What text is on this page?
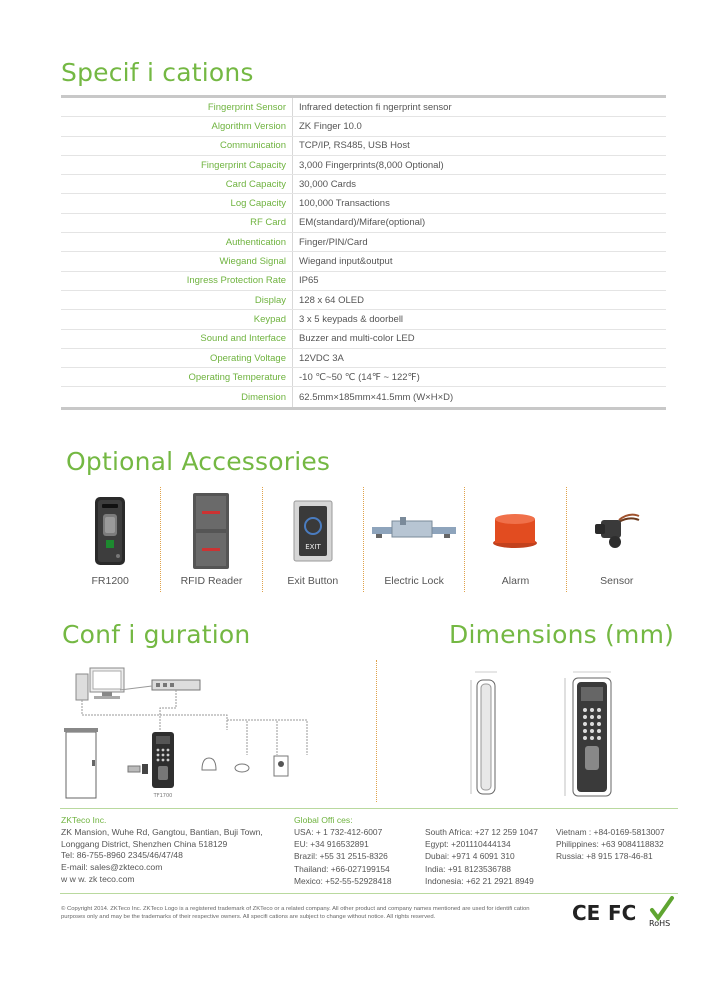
Specif i cations
Fingerprint Sensor	Infrared detection fi ngerprint sensor
Algorithm Version	ZK Finger 10.0
Communication	TCP/IP, RS485, USB Host
Fingerprint Capacity	3,000 Fingerprints(8,000 Optional)
Card Capacity	30,000 Cards
Log Capacity	100,000 Transactions
RF Card	EM(standard)/Mifare(optional)
Authentication	Finger/PIN/Card
Wiegand Signal	Wiegand input&output
Ingress Protection Rate	IP65
Display	128 x 64 OLED
Keypad	3 x 5 keypads & doorbell
Sound and Interface	Buzzer and multi-color LED
Operating Voltage	12VDC 3A
Operating Temperature	-10 ℃~50 ℃ (14℉ ~ 122℉)
Dimension	62.5mm×185mm×41.5mm (W×H×D)
Optional Accessories
FR1200	RFID Reader
EXIT
Exit Button	Electric Lock	Alarm	Sensor
Conf i guration	Dimensions (mm)
TF1700
ZKTeco Inc.
ZK Mansion, Wuhe Rd, Gangtou, Bantian, Buji Town,
Longgang District, Shenzhen China 518129
Tel: 86-755-8960 2345/46/47/48
E-mail: sales@zkteco.com
w w w. zk teco.com
Global Offi ces:
USA: + 1 732-412-6007
EU: +34 916532891
Brazil: +55 31 2515-8326
Thailand: +66-027199154
Mexico: +52-55-52928418
South Africa: +27 12 259 1047
Egypt: +201110444134
Dubai: +971 4 6091 310
India: +91 8123536788
Indonesia: +62 21 2921 8949
Vietnam : +84-0169-5813007
Philippines: +63 9084118832
Russia: +8 915 178-46-81
© Copyright 2014. ZKTeco Inc. ZKTeco Logo is a registered trademark of ZKTeco or a related company. All other product and company names mentioned are used for identifi cation purposes only and may be the trademarks of their respective owners. All specifi cations are subject to change without notice. All rights reserved.	CE FC RoHS
